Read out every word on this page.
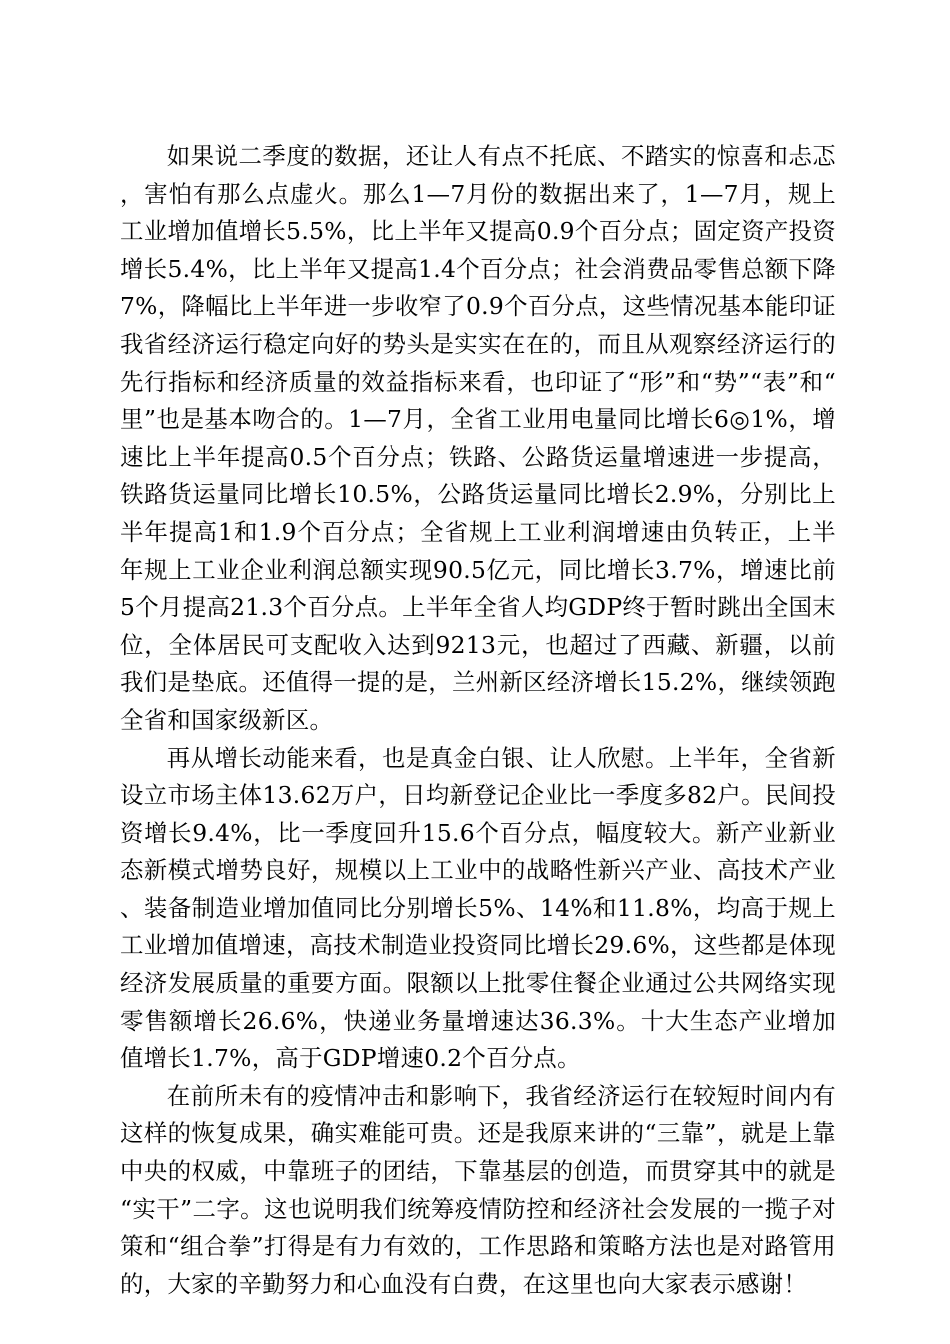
如果说二季度的数据，还让人有点不托底、不踏实的惊喜和忐忑，害怕有那么点虚火。那么1—7月份的数据出来了，1—7月，规上工业增加值增长5.5%，比上半年又提高0.9个百分点；固定资产投资增长5.4%，比上半年又提高1.4个百分点；社会消费品零售总额下降7%，降幅比上半年进一步收窄了0.9个百分点，这些情况基本能印证我省经济运行稳定向好的势头是实实在在的，而且从观察经济运行的先行指标和经济质量的效益指标来看，也印证了“形”和“势”“表”和“里”也是基本吻合的。1—7月，全省工业用电量同比增长6◎1%，增速比上半年提高0.5个百分点；铁路、公路货运量增速进一步提高，铁路货运量同比增长10.5%，公路货运量同比增长2.9%，分别比上半年提高1和1.9个百分点；全省规上工业利润增速由负转正，上半年规上工业企业利润总额实现90.5亿元，同比增长3.7%，增速比前5个月提高21.3个百分点。上半年全省人均GDP终于暂时跳出全国末位，全体居民可支配收入达到9213元，也超过了西藏、新疆，以前我们是垫底。还值得一提的是，兰州新区经济增长15.2%，继续领跑全省和国家级新区。

再从增长动能来看，也是真金白银、让人欣慰。上半年，全省新设立市场主体13.62万户，日均新登记企业比一季度多82户。民间投资增长9.4%，比一季度回升15.6个百分点，幅度较大。新产业新业态新模式增势良好，规模以上工业中的战略性新兴产业、高技术产业、装备制造业增加值同比分别增长5%、14%和11.8%，均高于规上工业增加值增速，高技术制造业投资同比增长29.6%，这些都是体现经济发展质量的重要方面。限额以上批零住餐企业通过公共网络实现零售额增长26.6%，快递业务量增速达36.3%。十大生态产业增加值增长1.7%，高于GDP增速0.2个百分点。

在前所未有的疫情冲击和影响下，我省经济运行在较短时间内有这样的恢复成果，确实难能可贵。还是我原来讲的“三靠”，就是上靠中央的权威，中靠班子的团结，下靠基层的创造，而贯穿其中的就是“实干”二字。这也说明我们统筹疫情防控和经济社会发展的一揽子对策和“组合拳”打得是有力有效的，工作思路和策略方法也是对路管用的，大家的辛勤努力和心血没有白费，在这里也向大家表示感谢！
